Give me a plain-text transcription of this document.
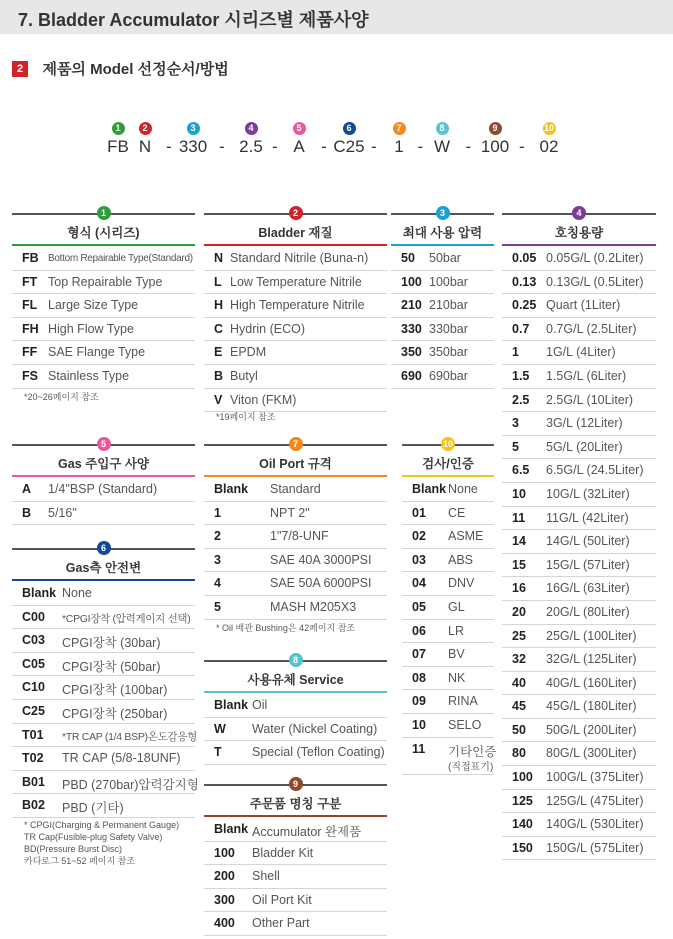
7. Bladder Accumulator 시리즈별 제품사양
2 제품의 Model 선정순서/방법
1
FB
2
N -
3
330 -
4
2.5 -
5
A -
6
C25 -
7
1 -
8
W -
9
100 -
10
02
1
형식 (시리즈)
FB Bottom Repairable Type(Standard)
FT Top Repairable Type
FL Large Size Type
FH High Flow Type
FF SAE Flange Type
FS Stainless Type
2
Bladder 재질
N Standard Nitrile (Buna-n)
L Low Temperature Nitrile
H High Temperature Nitrile
C Hydrin (ECO)
E EPDM
B Butyl
V Viton (FKM)
3
최대 사용 압력
50 50bar
100 100bar
210 210bar
330 330bar
350 350bar
690 690bar
4
호칭용량
0.05 0.05G/L (0.2Liter)
0.13 0.13G/L (0.5Liter)
0.25 Quart (1Liter)
0.7 0.7G/L (2.5Liter)
1 1G/L (4Liter)
1.5 1.5G/L (6Liter)
2.5 2.5G/L (10Liter)
3 3G/L (12Liter)
5 5G/L (20Liter)
6.5 6.5G/L (24.5Liter)
10 10G/L (32Liter)
11 11G/L (42Liter)
14 14G/L (50Liter)
15 15G/L (57Liter)
16 16G/L (63Liter)
20 20G/L (80Liter)
25 25G/L (100Liter)
32 32G/L (125Liter)
40 40G/L (160Liter)
45 45G/L (180Liter)
50 50G/L (200Liter)
80 80G/L (300Liter)
100 100G/L (375Liter)
125 125G/L (475Liter)
140 140G/L (530Liter)
150 150G/L (575Liter)
5
Gas 주입구 사양
A 1/4"BSP (Standard)
B 5/16"
6
Gas측 안전변
Blank None
C00 *CPGI장착 (압력게이지 선택)
C03 CPGI장착 (30bar)
C05 CPGI장착 (50bar)
C10 CPGI장착 (100bar)
C25 CPGI장착 (250bar)
T01 *TR CAP (1/4 BSP)온도감응형
T02 TR CAP (5/8-18UNF)
B01 PBD (270bar)압력감지형
B02 PBD (기타)
7
Oil Port 규격
Blank Standard
1	NPT 2"
2	1"7/8-UNF
3	SAE 40A 3000PSI
4	SAE 50A 6000PSI
5	MASH M205X3
8
사용유체 Service
Blank Oil
W Water (Nickel Coating)
T Special (Teflon Coating)
9
주문품 명칭 구분
Blank Accumulator 완제품
100 Bladder Kit
200 Shell
300 Oil Port Kit
400 Other Part
10
검사/인증
Blank None
01 CE
02 ASME
03 ABS
04 DNV
05 GL
06 LR
07 BV
08 NK
09 RINA
10 SELO
11 기타인증
(직접표기)
*20~26페이지 참조
*19페이지 참조
* Oil 배관 Bushing은 42페이지 참조
* CPGI(Charging & Permanent Gauge)
TR Cap(Fusible-plug Safety Valve)
BD(Pressure Burst Disc)
카다로그 51~52 페이지 참조
